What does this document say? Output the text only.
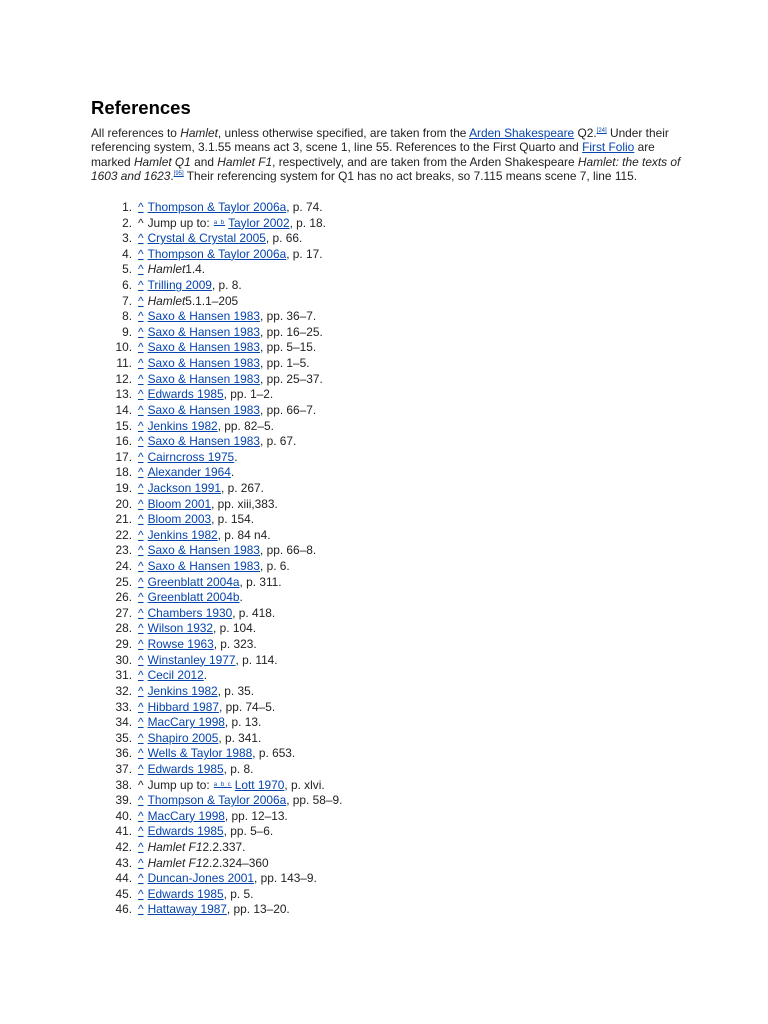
References

All references to Hamlet, unless otherwise specified, are taken from the Arden Shakespeare Q2.[24] Under their referencing system, 3.1.55 means act 3, scene 1, line 55. References to the First Quarto and First Folio are marked Hamlet Q1 and Hamlet F1, respectively, and are taken from the Arden Shakespeare Hamlet: the texts of 1603 and 1623.[95] Their referencing system for Q1 has no act breaks, so 7.115 means scene 7, line 115.

1. ^ Thompson & Taylor 2006a , p. 74.
2. ^ Jump up to: a b Taylor 2002 , p. 18.
3. ^ Crystal & Crystal 2005 , p. 66.
4. ^ Thompson & Taylor 2006a , p. 17.
5. ^ Hamlet 1.4.
6. ^ Trilling 2009 , p. 8.
7. ^ Hamlet 5.1.1–205
8. ^ Saxo & Hansen 1983 , pp. 36–7.
9. ^ Saxo & Hansen 1983 , pp. 16–25.
10. ^ Saxo & Hansen 1983 , pp. 5–15.
11. ^ Saxo & Hansen 1983 , pp. 1–5.
12. ^ Saxo & Hansen 1983 , pp. 25–37.
13. ^ Edwards 1985 , pp. 1–2.
14. ^ Saxo & Hansen 1983 , pp. 66–7.
15. ^ Jenkins 1982 , pp. 82–5.
16. ^ Saxo & Hansen 1983 , p. 67.
17. ^ Cairncross 1975 .
18. ^ Alexander 1964 .
19. ^ Jackson 1991 , p. 267.
20. ^ Bloom 2001 , pp. xiii,383.
21. ^ Bloom 2003 , p. 154.
22. ^ Jenkins 1982 , p. 84 n4.
23. ^ Saxo & Hansen 1983 , pp. 66–8.
24. ^ Saxo & Hansen 1983 , p. 6.
25. ^ Greenblatt 2004a , p. 311.
26. ^ Greenblatt 2004b .
27. ^ Chambers 1930 , p. 418.
28. ^ Wilson 1932 , p. 104.
29. ^ Rowse 1963 , p. 323.
30. ^ Winstanley 1977 , p. 114.
31. ^ Cecil 2012 .
32. ^ Jenkins 1982 , p. 35.
33. ^ Hibbard 1987 , pp. 74–5.
34. ^ MacCary 1998 , p. 13.
35. ^ Shapiro 2005 , p. 341.
36. ^ Wells & Taylor 1988 , p. 653.
37. ^ Edwards 1985 , p. 8.
38. ^ Jump up to: a b c Lott 1970 , p. xlvi.
39. ^ Thompson & Taylor 2006a , pp. 58–9.
40. ^ MacCary 1998 , pp. 12–13.
41. ^ Edwards 1985 , pp. 5–6.
42. ^ Hamlet F1 2.2.337.
43. ^ Hamlet F1 2.2.324–360
44. ^ Duncan-Jones 2001 , pp. 143–9.
45. ^ Edwards 1985 , p. 5.
46. ^ Hattaway 1987 , pp. 13–20.
